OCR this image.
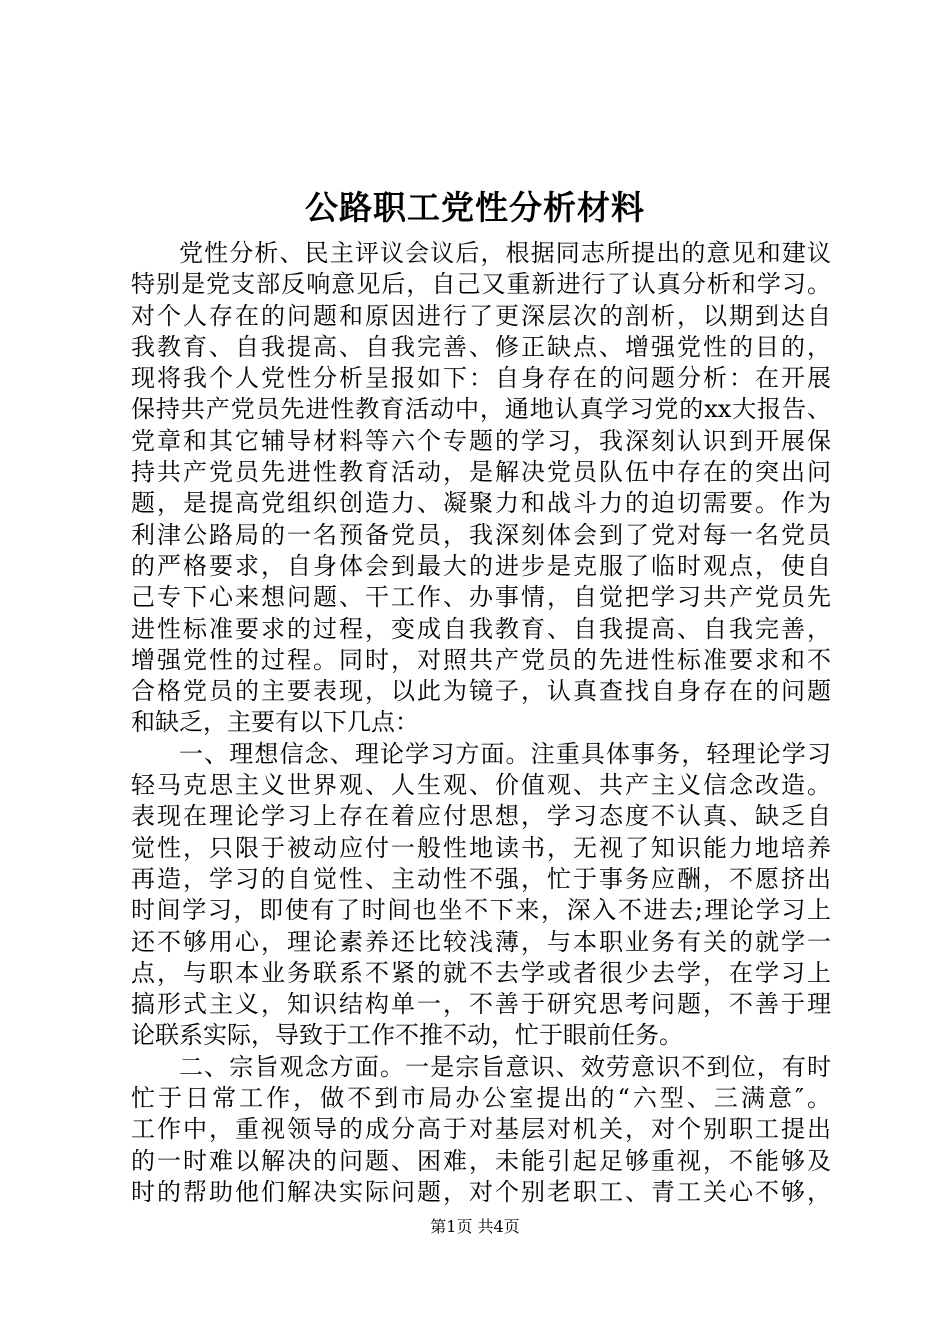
公路职工党性分析材料
党性分析、民主评议会议后，根据同志所提出的意见和建议
特别是党支部反响意见后，自己又重新进行了认真分析和学习。
对个人存在的问题和原因进行了更深层次的剖析，以期到达自
我教育、自我提高、自我完善、修正缺点、增强党性的目的，
现将我个人党性分析呈报如下：自身存在的问题分析：在开展
保持共产党员先进性教育活动中，通地认真学习党的xx大报告、
党章和其它辅导材料等六个专题的学习，我深刻认识到开展保
持共产党员先进性教育活动，是解决党员队伍中存在的突出问
题，是提高党组织创造力、凝聚力和战斗力的迫切需要。作为
利津公路局的一名预备党员，我深刻体会到了党对每一名党员
的严格要求，自身体会到最大的进步是克服了临时观点，使自
己专下心来想问题、干工作、办事情，自觉把学习共产党员先
进性标准要求的过程，变成自我教育、自我提高、自我完善，
增强党性的过程。同时，对照共产党员的先进性标准要求和不
合格党员的主要表现，以此为镜子，认真查找自身存在的问题
和缺乏，主要有以下几点：
一、理想信念、理论学习方面。注重具体事务，轻理论学习
轻马克思主义世界观、人生观、价值观、共产主义信念改造。
表现在理论学习上存在着应付思想，学习态度不认真、缺乏自
觉性，只限于被动应付一般性地读书，无视了知识能力地培养
再造，学习的自觉性、主动性不强，忙于事务应酬，不愿挤出
时间学习，即使有了时间也坐不下来，深入不进去;理论学习上
还不够用心，理论素养还比较浅薄，与本职业务有关的就学一
点，与职本业务联系不紧的就不去学或者很少去学，在学习上
搞形式主义，知识结构单一，不善于研究思考问题，不善于理
论联系实际，导致于工作不推不动，忙于眼前任务。
二、宗旨观念方面。一是宗旨意识、效劳意识不到位，有时
忙于日常工作，做不到市局办公室提出的“六型、三满意″。
工作中，重视领导的成分高于对基层对机关，对个别职工提出
的一时难以解决的问题、困难，未能引起足够重视，不能够及
时的帮助他们解决实际问题，对个别老职工、青工关心不够，
第1页 共4页
